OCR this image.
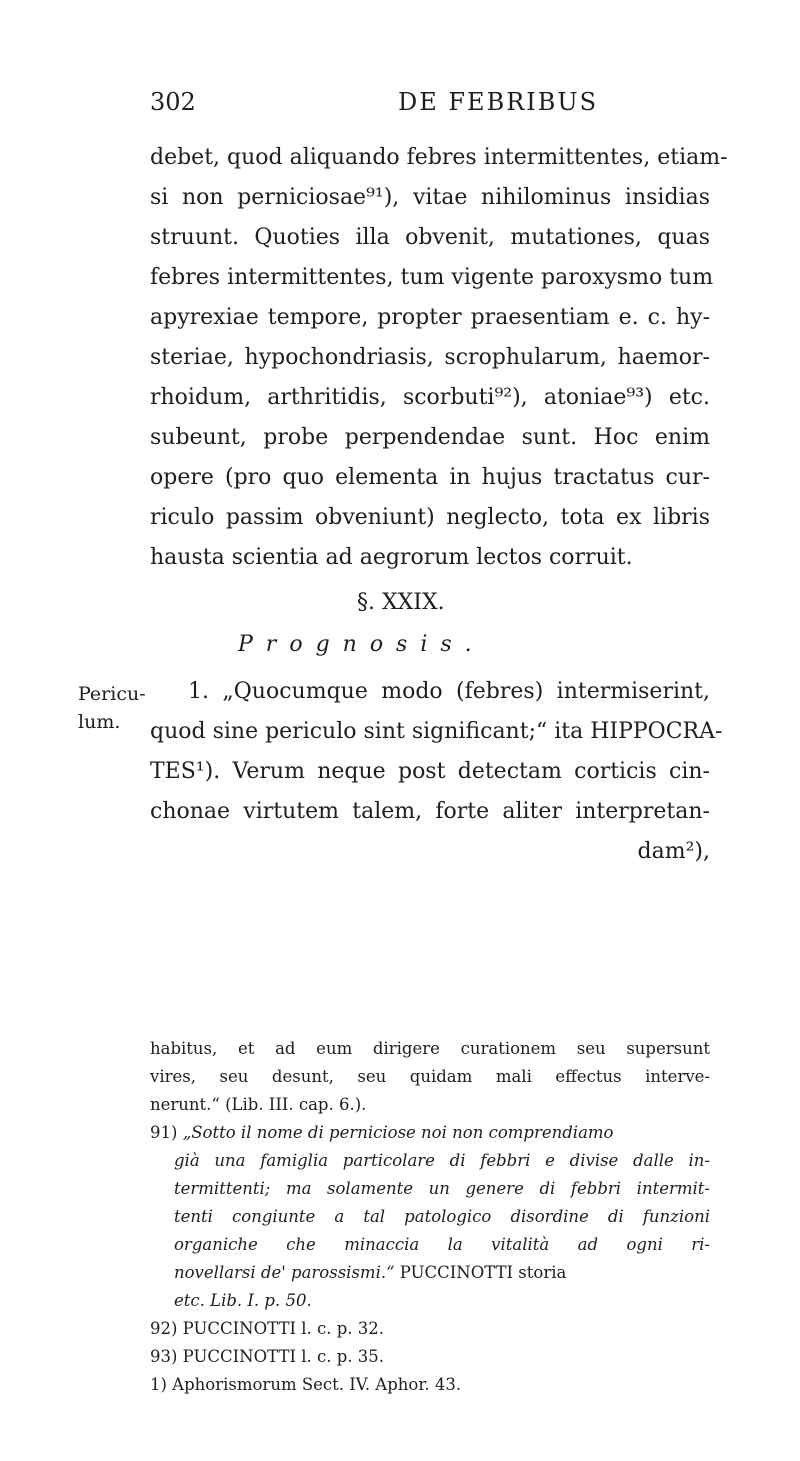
302	DE FEBRIBUS
debet, quod aliquando febres intermittentes, etiam-
si non perniciosae⁹¹), vitae nihilominus insidias
struunt. Quoties illa obvenit, mutationes, quas
febres intermittentes, tum vigente paroxysmo tum
apyrexiae tempore, propter praesentiam e. c. hy-
steriae, hypochondriasis, scrophularum, haemor-
rhoidum, arthritidis, scorbuti⁹²), atoniae⁹³) etc.
subeunt, probe perpendendae sunt. Hoc enim
opere (pro quo elementa in hujus tractatus cur-
riculo passim obveniunt) neglecto, tota ex libris
hausta scientia ad aegrorum lectos corruit.
§. XXIX.
Prognosis.
Pericu-
lum.
1. „Quocumque modo (febres) intermiserint,
quod sine periculo sint significant;“ ita HIPPOCRA-
TES¹). Verum neque post detectam corticis cin-
chonae virtutem talem, forte aliter interpretan-
dam²),
habitus, et ad eum dirigere curationem seu supersunt
vires, seu desunt, seu quidam mali effectus interve-
nerunt.“ (Lib. III. cap. 6.).
91) „Sotto il nome di perniciose noi non comprendiamo
già una famiglia particolare di febbri e divise dalle in-
termittenti; ma solamente un genere di febbri intermit-
tenti congiunte a tal patologico disordine di funzioni
organiche che minaccia la vitalità ad ogni ri-
novellarsi de' parossismi.“ PUCCINOTTI storia
etc. Lib. I. p. 50.
92) PUCCINOTTI l. c. p. 32.
93) PUCCINOTTI l. c. p. 35.
1) Aphorismorum Sect. IV. Aphor. 43.
